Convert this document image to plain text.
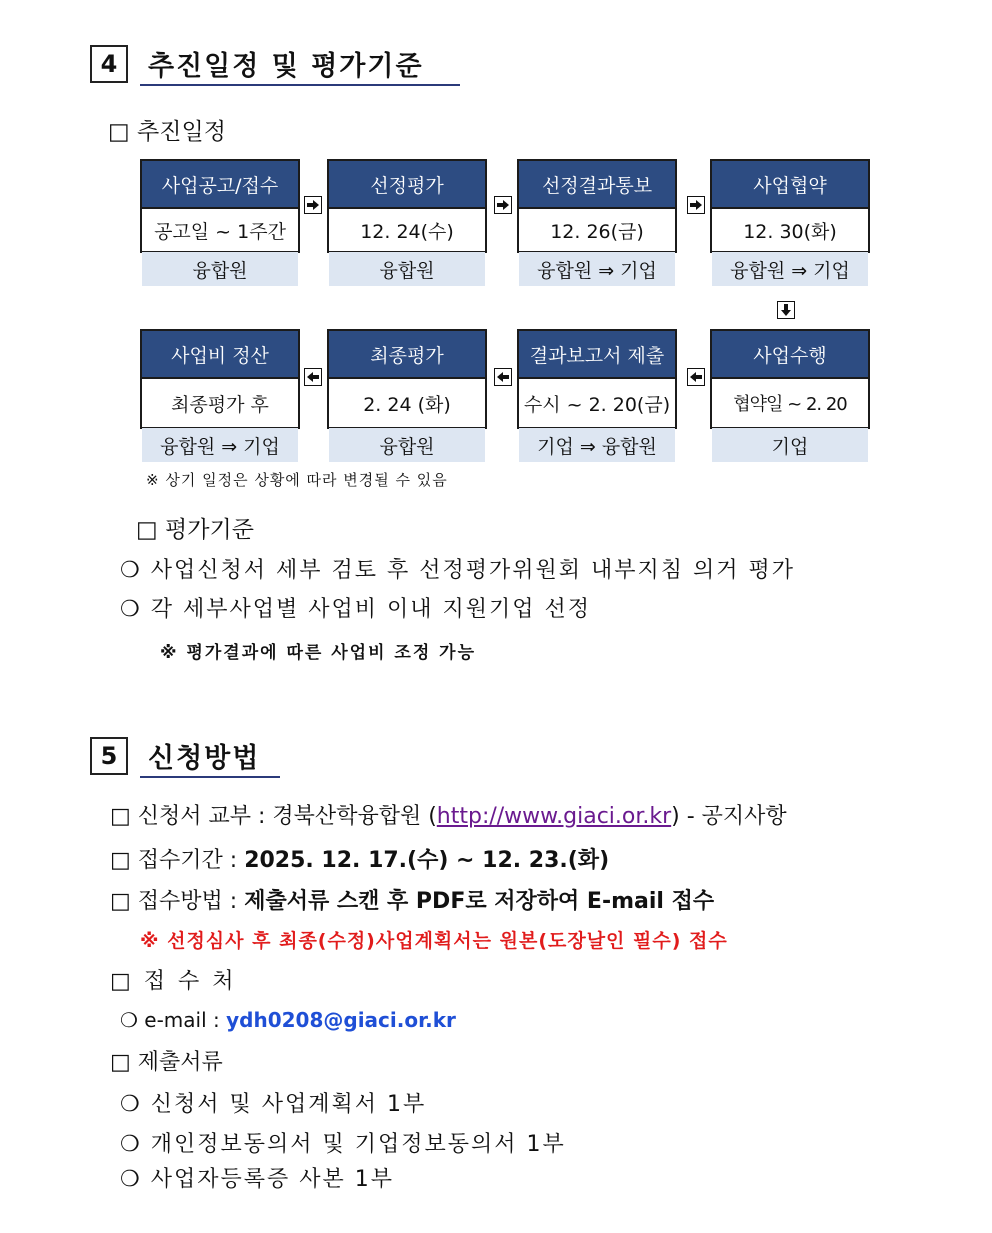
4	추진일정 및 평가기준
□ 추진일정
사업공고/접수
공고일 ~ 1주간
융합원
선정평가
12. 24(수)
융합원
선정결과통보
12. 26(금)
융합원 ⇒ 기업
사업협약
12. 30(화)
융합원 ⇒ 기업
사업비 정산
최종평가 후
융합원 ⇒ 기업
최종평가
2. 24 (화)
융합원
결과보고서 제출
수시 ~ 2. 20(금)
기업 ⇒ 융합원
사업수행
협약일 ~ 2. 20
기업
※ 상기 일정은 상황에 따라 변경될 수 있음
□ 평가기준
❍ 사업신청서 세부 검토 후 선정평가위원회 내부지침 의거 평가
❍ 각 세부사업별 사업비 이내 지원기업 선정
※ 평가결과에 따른 사업비 조정 가능
5	신청방법
□ 신청서 교부 : 경북산학융합원 (http://www.giaci.or.kr) - 공지사항
□ 접수기간 : 2025. 12. 17.(수) ~ 12. 23.(화)
□ 접수방법 : 제출서류 스캔 후 PDF로 저장하여 E-mail 접수
※ 선정심사 후 최종(수정)사업계획서는 원본(도장날인 필수) 접수
□ 접 수 처
❍ e-mail : ydh0208@giaci.or.kr
□ 제출서류
❍ 신청서 및 사업계획서 1부
❍ 개인정보동의서 및 기업정보동의서 1부
❍ 사업자등록증 사본 1부
